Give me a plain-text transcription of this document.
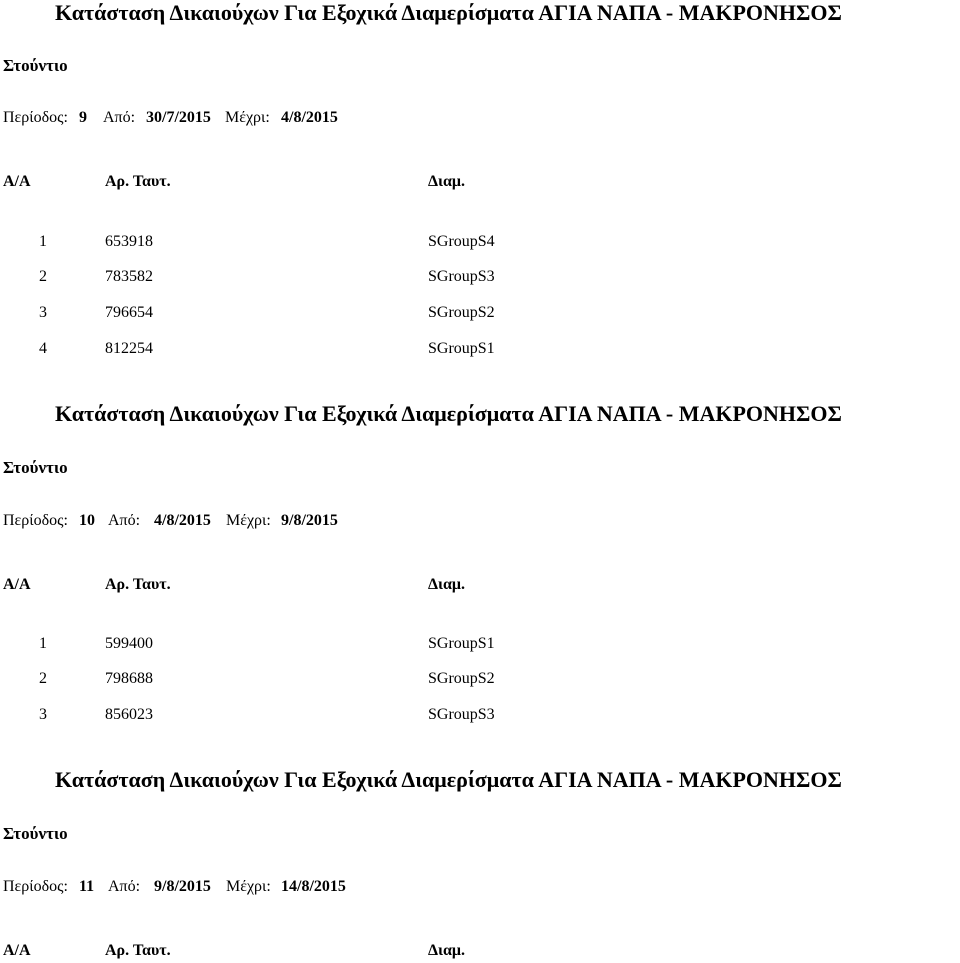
Κατάσταση Δικαιούχων Για Εξοχικά Διαμερίσματα ΑΓΙΑ ΝΑΠΑ - ΜΑΚΡΟΝΗΣΟΣ
Στούντιο
Περίοδος: 9 Από: 30/7/2015 Μέχρι: 4/8/2015
Α/Α	Αρ. Ταυτ.	Διαμ.
1	653918	SGroupS4
2	783582	SGroupS3
3	796654	SGroupS2
4	812254	SGroupS1
Κατάσταση Δικαιούχων Για Εξοχικά Διαμερίσματα ΑΓΙΑ ΝΑΠΑ - ΜΑΚΡΟΝΗΣΟΣ
Στούντιο
Περίοδος: 10 Από: 4/8/2015 Μέχρι: 9/8/2015
Α/Α	Αρ. Ταυτ.	Διαμ.
1	599400	SGroupS1
2	798688	SGroupS2
3	856023	SGroupS3
Κατάσταση Δικαιούχων Για Εξοχικά Διαμερίσματα ΑΓΙΑ ΝΑΠΑ - ΜΑΚΡΟΝΗΣΟΣ
Στούντιο
Περίοδος: 11 Από: 9/8/2015 Μέχρι: 14/8/2015
Α/Α	Αρ. Ταυτ.	Διαμ.
